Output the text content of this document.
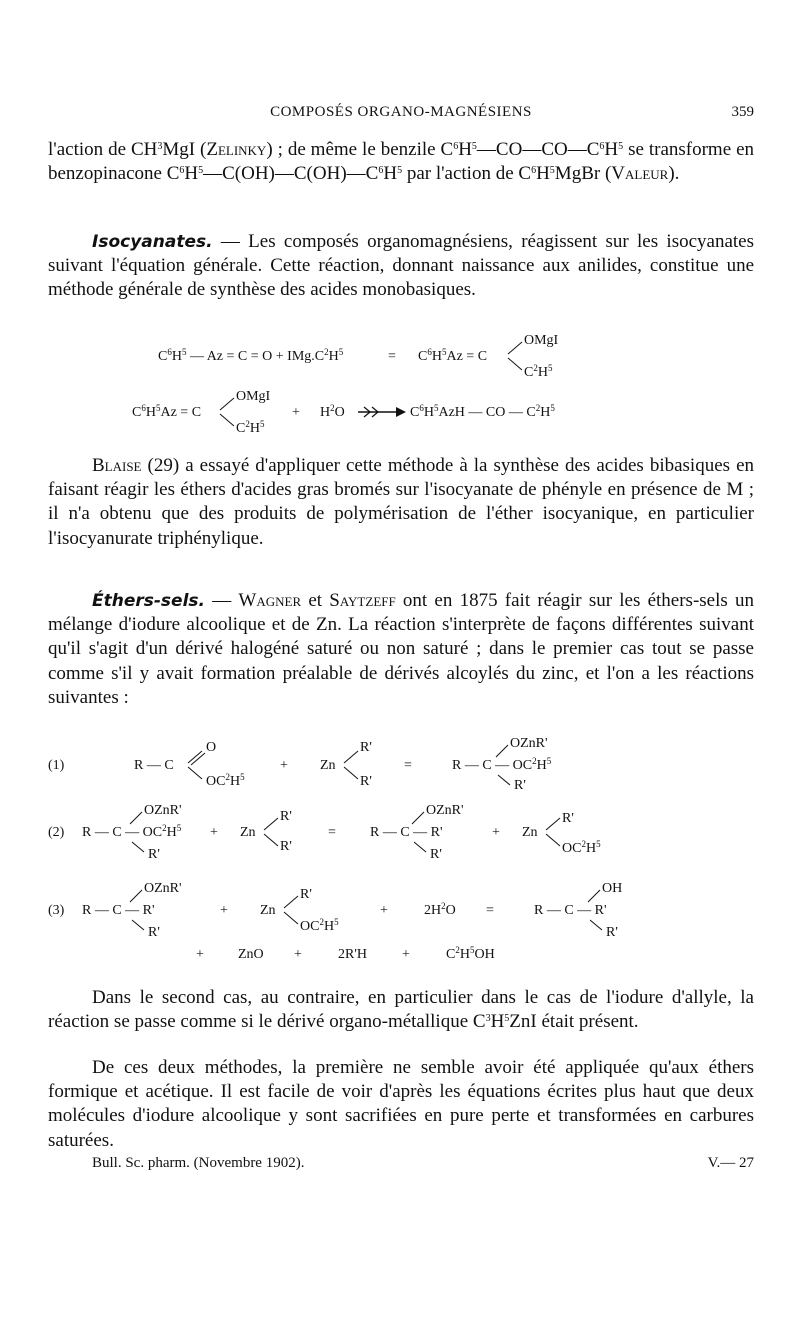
COMPOSÉS ORGANO-MAGNÉSIENS	359

l'action de $CH^3MgI$ (Zelinky) ; de même le benzile $C^6H^5—CO—CO—C^6H^5$ se transforme en benzopinacone $C^6H^5—C(OH)—C(OH)—C^6H^5$ par l'action de $C^6H^5MgBr$ (Valeur).

Isocyanates. — Les composés organomagnésiens, réagissent sur les isocyanates suivant l'équation générale. Cette réaction, donnant naissance aux anilides, constitue une méthode générale de synthèse des acides monobasiques.

$C^6H^5$ — $Az = C = O + IMg.C^2H^5$	= $C^6H^5Az = C$
OMgI
$C^2H^5$
$C^6H^5Az = C$
OMgI
$C^2H^5$
+ $H^2O$	$C^6H^5AzH$ — CO — $C^2H^5$

Blaise (29) a essayé d'appliquer cette méthode à la synthèse des acides bibasiques en faisant réagir les éthers d'acides gras bromés sur l'isocyanate de phényle en présence de M ; il n'a obtenu que des produits de polymérisation de l'éther isocyanique, en particulier l'isocyanurate triphénylique.

Éthers-sels. — Wagner et Saytzeff ont en 1875 fait réagir sur les éthers-sels un mélange d'iodure alcoolique et de Zn. La réaction s'interprète de façons différentes suivant qu'il s'agit d'un dérivé halogéné saturé ou non saturé ; dans le premier cas tout se passe comme s'il y avait formation préalable de dérivés alcoylés du zinc, et l'on a les réactions suivantes :

(1)	R — C
O
$OC^2H^5$
+ Zn
R'
R'
=	R — C — $OC^2H^5$
OZnR'
R'
(2) R — C — $OC^2H^5$
OZnR'
R'
+ Zn
R'
R'
= R — C — R'
OZnR'
R'
+ Zn
R'
$OC^2H^5$
(3) R — C — R'
OZnR'
R'
+ Zn
R'
$OC^2H^5$
+	$2H^2O$ =	R — C — R'
OH
R'
+ ZnO +	2R'H	+	$C^2H^5OH$

Dans le second cas, au contraire, en particulier dans le cas de l'iodure d'allyle, la réaction se passe comme si le dérivé organo-métallique $C^3H^5ZnI$ était présent.

De ces deux méthodes, la première ne semble avoir été appliquée qu'aux éthers formique et acétique. Il est facile de voir d'après les équations écrites plus haut que deux molécules d'iodure alcoolique y sont sacrifiées en pure perte et transformées en carbures saturées.

Bull. Sc. pharm. (Novembre 1902).	V.— 27
